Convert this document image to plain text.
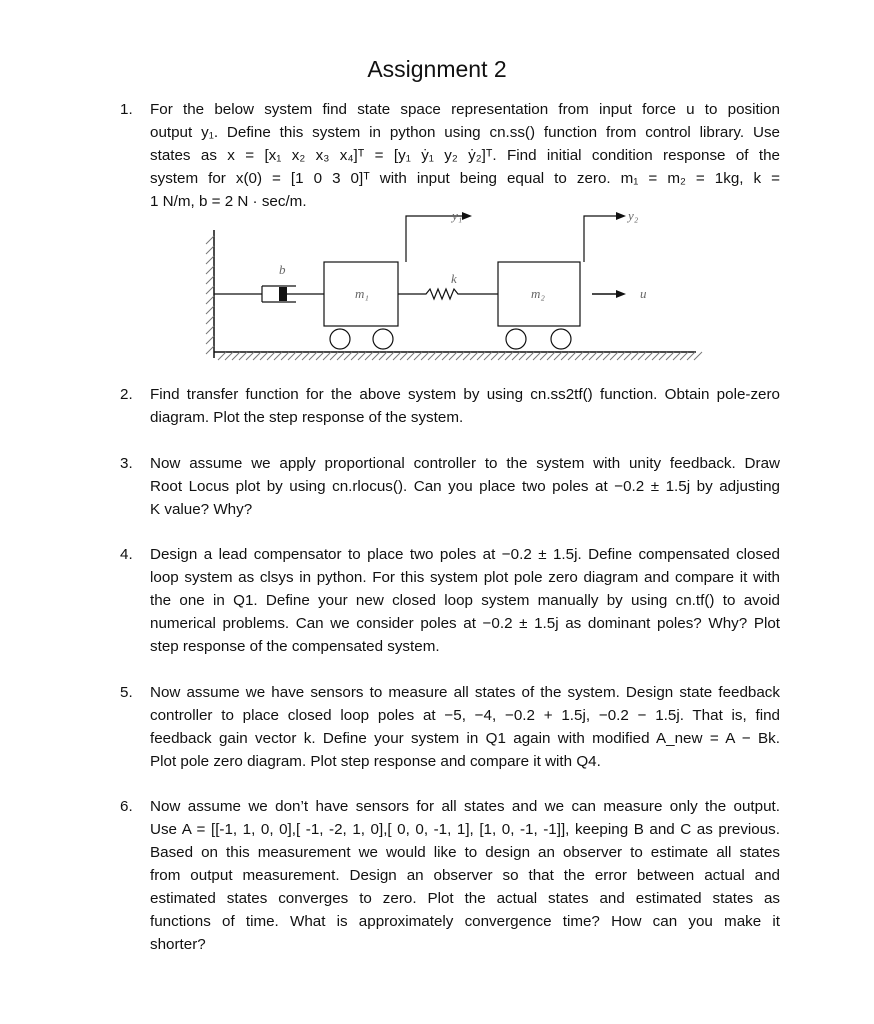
Assignment 2
1. For the below system find state space representation from input force u to position
output y₁. Define this system in python using cn.ss() function from control library. Use
states as x = [x₁ x₂ x₃ x₄]ᵀ = [y₁ ẏ₁ y₂ ẏ₂]ᵀ. Find initial condition response of the
system for x(0) = [1 0 3 0]ᵀ with input being equal to zero. m₁ = m₂ = 1kg, k =
1 N/m, b = 2 N · sec/m.
b
m₁
y₁
k
m₂
y₂
u
2. Find transfer function for the above system by using cn.ss2tf() function. Obtain pole-zero
diagram. Plot the step response of the system.
3. Now assume we apply proportional controller to the system with unity feedback. Draw
Root Locus plot by using cn.rlocus(). Can you place two poles at −0.2 ± 1.5j by adjusting
K value? Why?
4. Design a lead compensator to place two poles at −0.2 ± 1.5j. Define compensated closed
loop system as clsys in python. For this system plot pole zero diagram and compare it with
the one in Q1. Define your new closed loop system manually by using cn.tf() to avoid
numerical problems. Can we consider poles at −0.2 ± 1.5j as dominant poles? Why? Plot
step response of the compensated system.
5. Now assume we have sensors to measure all states of the system. Design state feedback
controller to place closed loop poles at −5, −4, −0.2 + 1.5j, −0.2 − 1.5j. That is, find
feedback gain vector k. Define your system in Q1 again with modified A_new = A − Bk.
Plot pole zero diagram. Plot step response and compare it with Q4.
6. Now assume we don’t have sensors for all states and we can measure only the output.
Use A = [[-1, 1, 0, 0],[ -1, -2, 1, 0],[ 0, 0, -1, 1], [1, 0, -1, -1]], keeping B and C as previous.
Based on this measurement we would like to design an observer to estimate all states
from output measurement. Design an observer so that the error between actual and
estimated states converges to zero. Plot the actual states and estimated states as
functions of time. What is approximately convergence time? How can you make it
shorter?
